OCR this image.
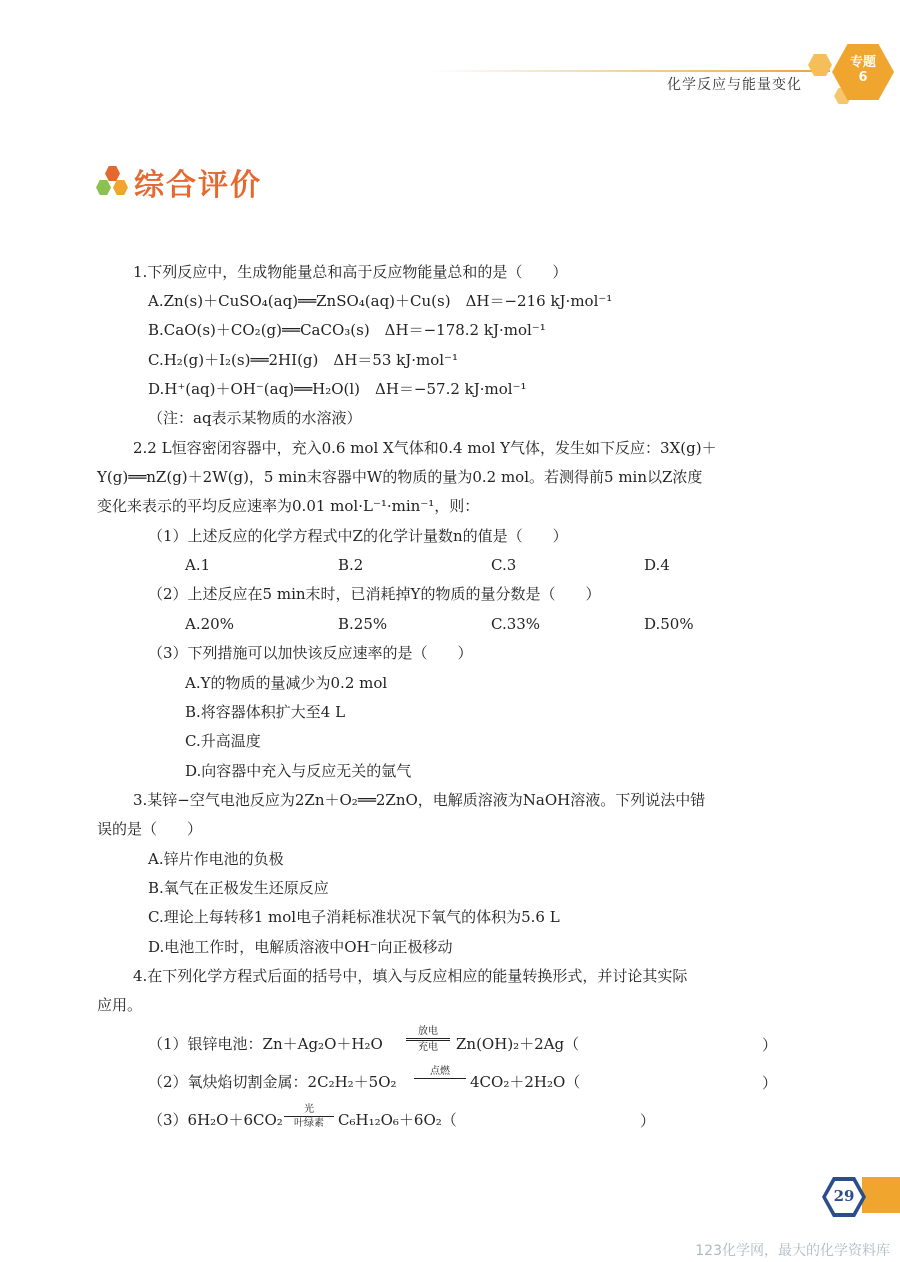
化学反应与能量变化
专题
6
综合评价
1.下列反应中，生成物能量总和高于反应物能量总和的是（　　）
A.Zn(s)＋CuSO₄(aq)══ZnSO₄(aq)＋Cu(s)　ΔH＝−216 kJ·mol⁻¹
B.CaO(s)＋CO₂(g)══CaCO₃(s)　ΔH＝−178.2 kJ·mol⁻¹
C.H₂(g)＋I₂(s)══2HI(g)　ΔH＝53 kJ·mol⁻¹
D.H⁺(aq)＋OH⁻(aq)══H₂O(l)　ΔH＝−57.2 kJ·mol⁻¹
（注：aq表示某物质的水溶液）
2.2 L恒容密闭容器中，充入0.6 mol X气体和0.4 mol Y气体，发生如下反应：3X(g)＋
Y(g)══nZ(g)＋2W(g)，5 min末容器中W的物质的量为0.2 mol。若测得前5 min以Z浓度
变化来表示的平均反应速率为0.01 mol·L⁻¹·min⁻¹，则：
（1）上述反应的化学方程式中Z的化学计量数n的值是（　　）
A.1	B.2	C.3	D.4
（2）上述反应在5 min末时，已消耗掉Y的物质的量分数是（　　）
A.20%	B.25%	C.33%	D.50%
（3）下列措施可以加快该反应速率的是（　　）
A.Y的物质的量减少为0.2 mol
B.将容器体积扩大至4 L
C.升高温度
D.向容器中充入与反应无关的氩气
3.某锌−空气电池反应为2Zn＋O₂══2ZnO，电解质溶液为NaOH溶液。下列说法中错
误的是（　　）
A.锌片作电池的负极
B.氧气在正极发生还原反应
C.理论上每转移1 mol电子消耗标准状况下氧气的体积为5.6 L
D.电池工作时，电解质溶液中OH⁻向正极移动
4.在下列化学方程式后面的括号中，填入与反应相应的能量转换形式，并讨论其实际
应用。
（1）银锌电池：Zn＋Ag₂O＋H₂O
放电
充电	Zn(OH)₂＋2Ag（	）
（2）氧炔焰切割金属：2C₂H₂＋5O₂
点燃
4CO₂＋2H₂O（	）
（3）6H₂O＋6CO₂
光
叶绿素 C₆H₁₂O₆＋6O₂（	）
29
123化学网，最大的化学资料库
